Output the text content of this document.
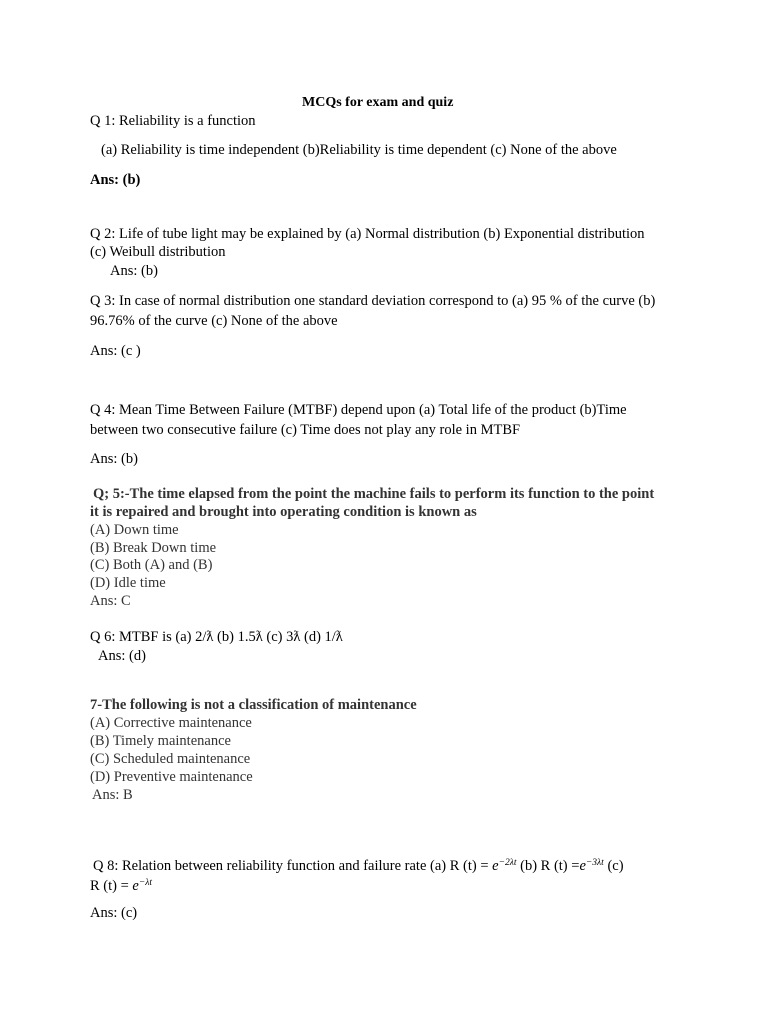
MCQs for exam and quiz
Q 1: Reliability is a function
(a) Reliability is time independent (b)Reliability is time dependent (c) None of the above
Ans: (b)
Q 2: Life of tube light may be explained by (a) Normal distribution (b) Exponential distribution
(c) Weibull distribution
Ans: (b)
Q 3: In case of normal distribution one standard deviation correspond to (a) 95 % of the curve (b)
96.76% of the curve (c) None of the above
Ans: (c )
Q 4: Mean Time Between Failure (MTBF) depend upon (a) Total life of the product (b)Time
between two consecutive failure (c) Time does not play any role in MTBF
Ans: (b)
Q; 5:-The time elapsed from the point the machine fails to perform its function to the point
it is repaired and brought into operating condition is known as
(A) Down time
(B) Break Down time
(C) Both (A) and (B)
(D) Idle time
Ans: C
Q 6: MTBF is (a) 2/ƛ (b) 1.5ƛ (c) 3ƛ (d) 1/ƛ
Ans: (d)
7-The following is not a classification of maintenance
(A) Corrective maintenance
(B) Timely maintenance
(C) Scheduled maintenance
(D) Preventive maintenance
Ans: B
Q 8: Relation between reliability function and failure rate (a) R $(t) = e^{-2\lambda t}$ (b) R $(t) =e^{-3\lambda t}$ (c)
R $(t) = e^{-\lambda t}$
Ans: (c)
